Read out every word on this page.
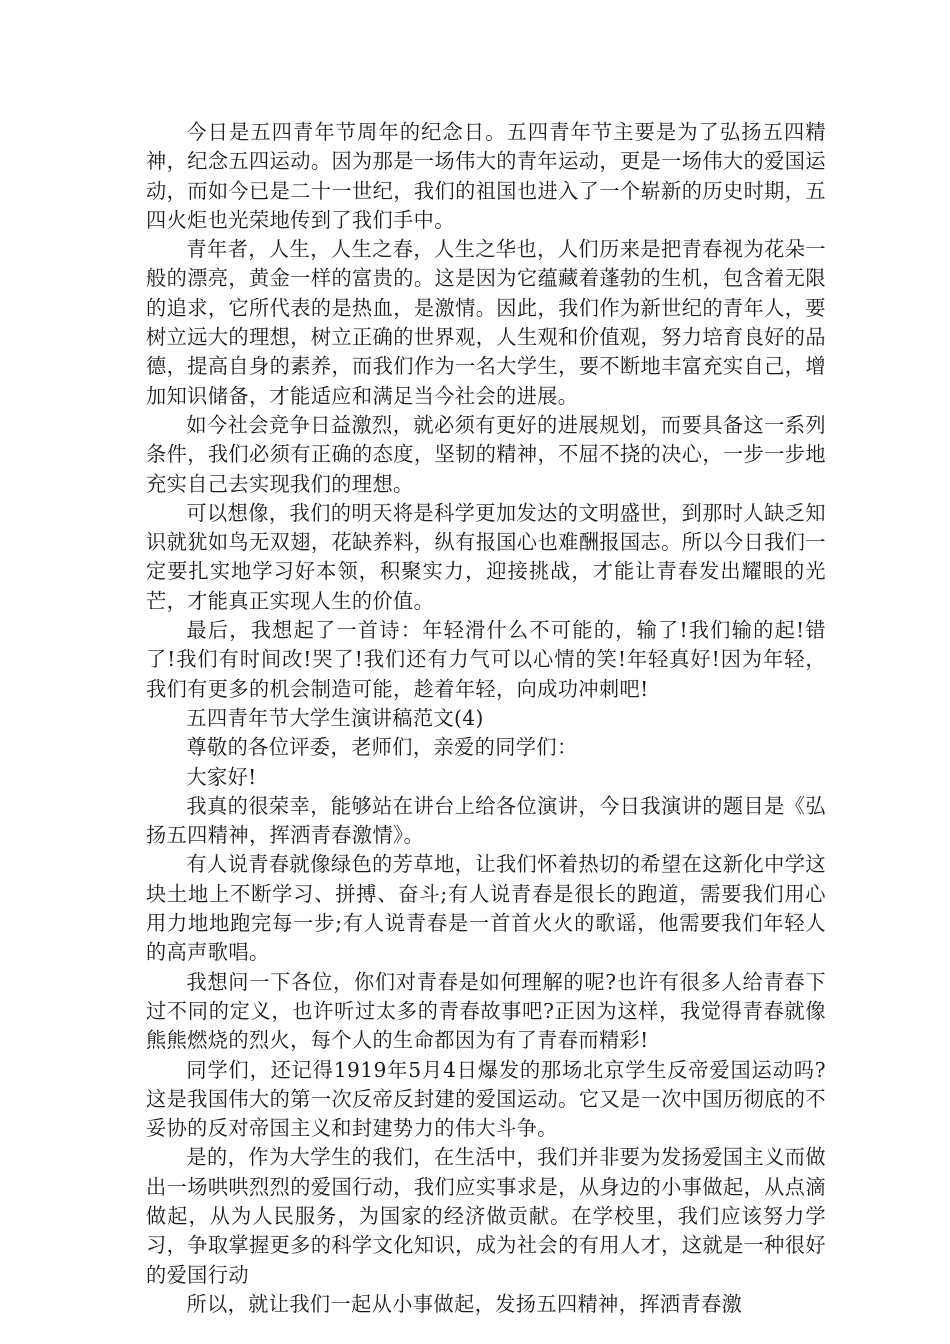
今日是五四青年节周年的纪念日。五四青年节主要是为了弘扬五四精神，纪念五四运动。因为那是一场伟大的青年运动，更是一场伟大的爱国运动，而如今已是二十一世纪，我们的祖国也进入了一个崭新的历史时期，五四火炬也光荣地传到了我们手中。

青年者，人生，人生之春，人生之华也，人们历来是把青春视为花朵一般的漂亮，黄金一样的富贵的。这是因为它蕴藏着蓬勃的生机，包含着无限的追求，它所代表的是热血，是激情。因此，我们作为新世纪的青年人，要树立远大的理想，树立正确的世界观，人生观和价值观，努力培育良好的品德，提高自身的素养，而我们作为一名大学生，要不断地丰富充实自己，增加知识储备，才能适应和满足当今社会的进展。

如今社会竞争日益激烈，就必须有更好的进展规划，而要具备这一系列条件，我们必须有正确的态度，坚韧的精神，不屈不挠的决心，一步一步地充实自己去实现我们的理想。

可以想像，我们的明天将是科学更加发达的文明盛世，到那时人缺乏知识就犹如鸟无双翅，花缺养料，纵有报国心也难酬报国志。所以今日我们一定要扎实地学习好本领，积聚实力，迎接挑战，才能让青春发出耀眼的光芒，才能真正实现人生的价值。

最后，我想起了一首诗：年轻滑什么不可能的，输了!我们输的起!错了!我们有时间改!哭了!我们还有力气可以心情的笑!年轻真好!因为年轻，我们有更多的机会制造可能，趁着年轻，向成功冲刺吧!

五四青年节大学生演讲稿范文(4)

尊敬的各位评委，老师们，亲爱的同学们：

大家好!

我真的很荣幸，能够站在讲台上给各位演讲，今日我演讲的题目是《弘扬五四精神，挥洒青春激情》。

有人说青春就像绿色的芳草地，让我们怀着热切的希望在这新化中学这块土地上不断学习、拼搏、奋斗;有人说青春是很长的跑道，需要我们用心用力地地跑完每一步;有人说青春是一首首火火的歌谣，他需要我们年轻人的高声歌唱。

我想问一下各位，你们对青春是如何理解的呢?也许有很多人给青春下过不同的定义，也许听过太多的青春故事吧?正因为这样，我觉得青春就像熊熊燃烧的烈火，每个人的生命都因为有了青春而精彩!

同学们，还记得1919年5月4日爆发的那场北京学生反帝爱国运动吗?这是我国伟大的第一次反帝反封建的爱国运动。它又是一次中国历彻底的不妥协的反对帝国主义和封建势力的伟大斗争。

是的，作为大学生的我们，在生活中，我们并非要为发扬爱国主义而做出一场哄哄烈烈的爱国行动，我们应实事求是，从身边的小事做起，从点滴做起，从为人民服务，为国家的经济做贡献。在学校里，我们应该努力学习，争取掌握更多的科学文化知识，成为社会的有用人才，这就是一种很好的爱国行动

所以，就让我们一起从小事做起，发扬五四精神，挥洒青春激
